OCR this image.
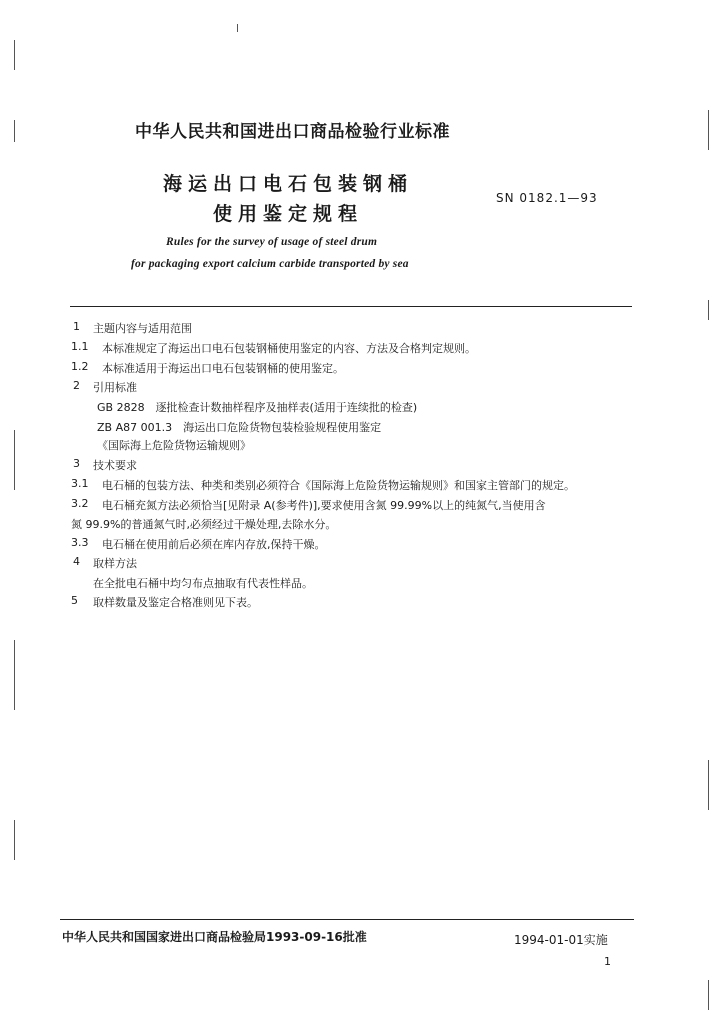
中华人民共和国进出口商品检验行业标准
海运出口电石包装钢桶
使用鉴定规程
SN 0182.1—93
Rules for the survey of usage of steel drum
for packaging export calcium carbide transported by sea
1 主题内容与适用范围
1.1 本标准规定了海运出口电石包装钢桶使用鉴定的内容、方法及合格判定规则。
1.2 本标准适用于海运出口电石包装钢桶的使用鉴定。
2 引用标准
GB 2828　逐批检查计数抽样程序及抽样表(适用于连续批的检查)
ZB A87 001.3　海运出口危险货物包装检验规程使用鉴定
《国际海上危险货物运输规则》
3 技术要求
3.1 电石桶的包装方法、种类和类别必须符合《国际海上危险货物运输规则》和国家主管部门的规定。
3.2 电石桶充氮方法必须恰当[见附录 A(参考件)],要求使用含氮 99.99%以上的纯氮气,当使用含
氮 99.9%的普通氮气时,必须经过干燥处理,去除水分。
3.3 电石桶在使用前后必须在库内存放,保持干燥。
4 取样方法
在全批电石桶中均匀布点抽取有代表性样品。
5 取样数量及鉴定合格准则见下表。
中华人民共和国国家进出口商品检验局1993-09-16批准	1994-01-01实施
1
